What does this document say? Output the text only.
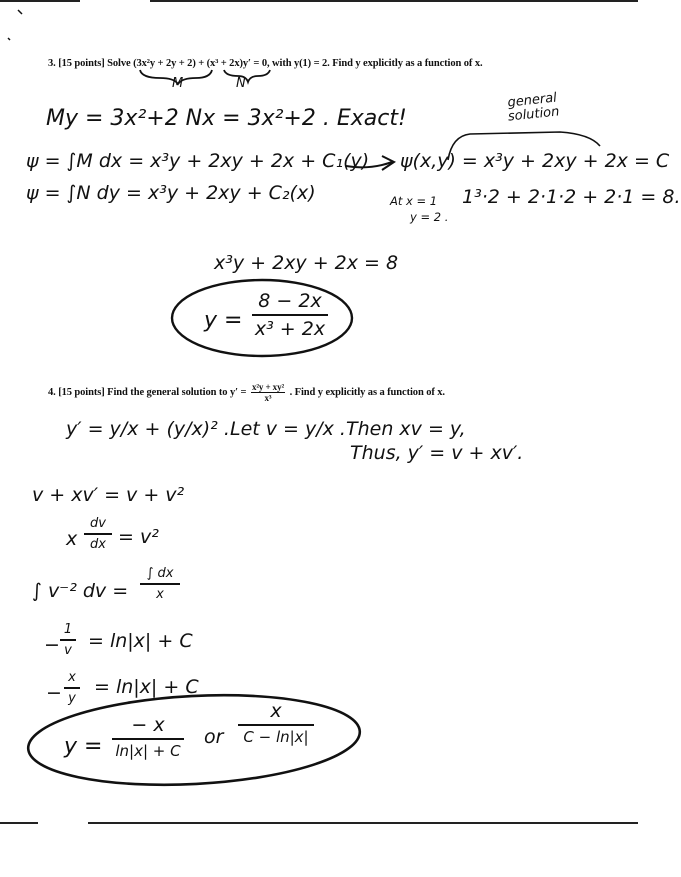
3. [15 points] Solve (3x²y + 2y + 2) + (x³ + 2x)y′ = 0, with y(1) = 2. Find y explicitly as a function of x.
M	N
My = 3x²+2 Nx = 3x²+2 . Exact!
general solution
ψ = ∫M dx = x³y + 2xy + 2x + C₁(y) ψ(x,y) = x³y + 2xy + 2x = C
ψ = ∫N dy = x³y + 2xy + C₂(x)	At x = 1
y = 2 .
1³·2 + 2·1·2 + 2·1 = 8.
x³y + 2xy + 2x = 8
y =
8 − 2x
x³ + 2x
4. [15 points] Find the general solution to $y' = \frac{\text{x²y + xy²}}{\text{x³}}$ . Find y explicitly as a function of x.
y′ = y/x + (y/x)² . Let v = y/x . Then xv = y,
Thus, y′ = v + xv′.
v + xv′ = v + v²
x
dv
dx = v²
∫ v⁻² dv =
∫ dx
x
−
1
v = ln|x| + C
−
x
y
= ln|x| + C
y =
− x
ln|x| + C
or
x
C − ln|x|
